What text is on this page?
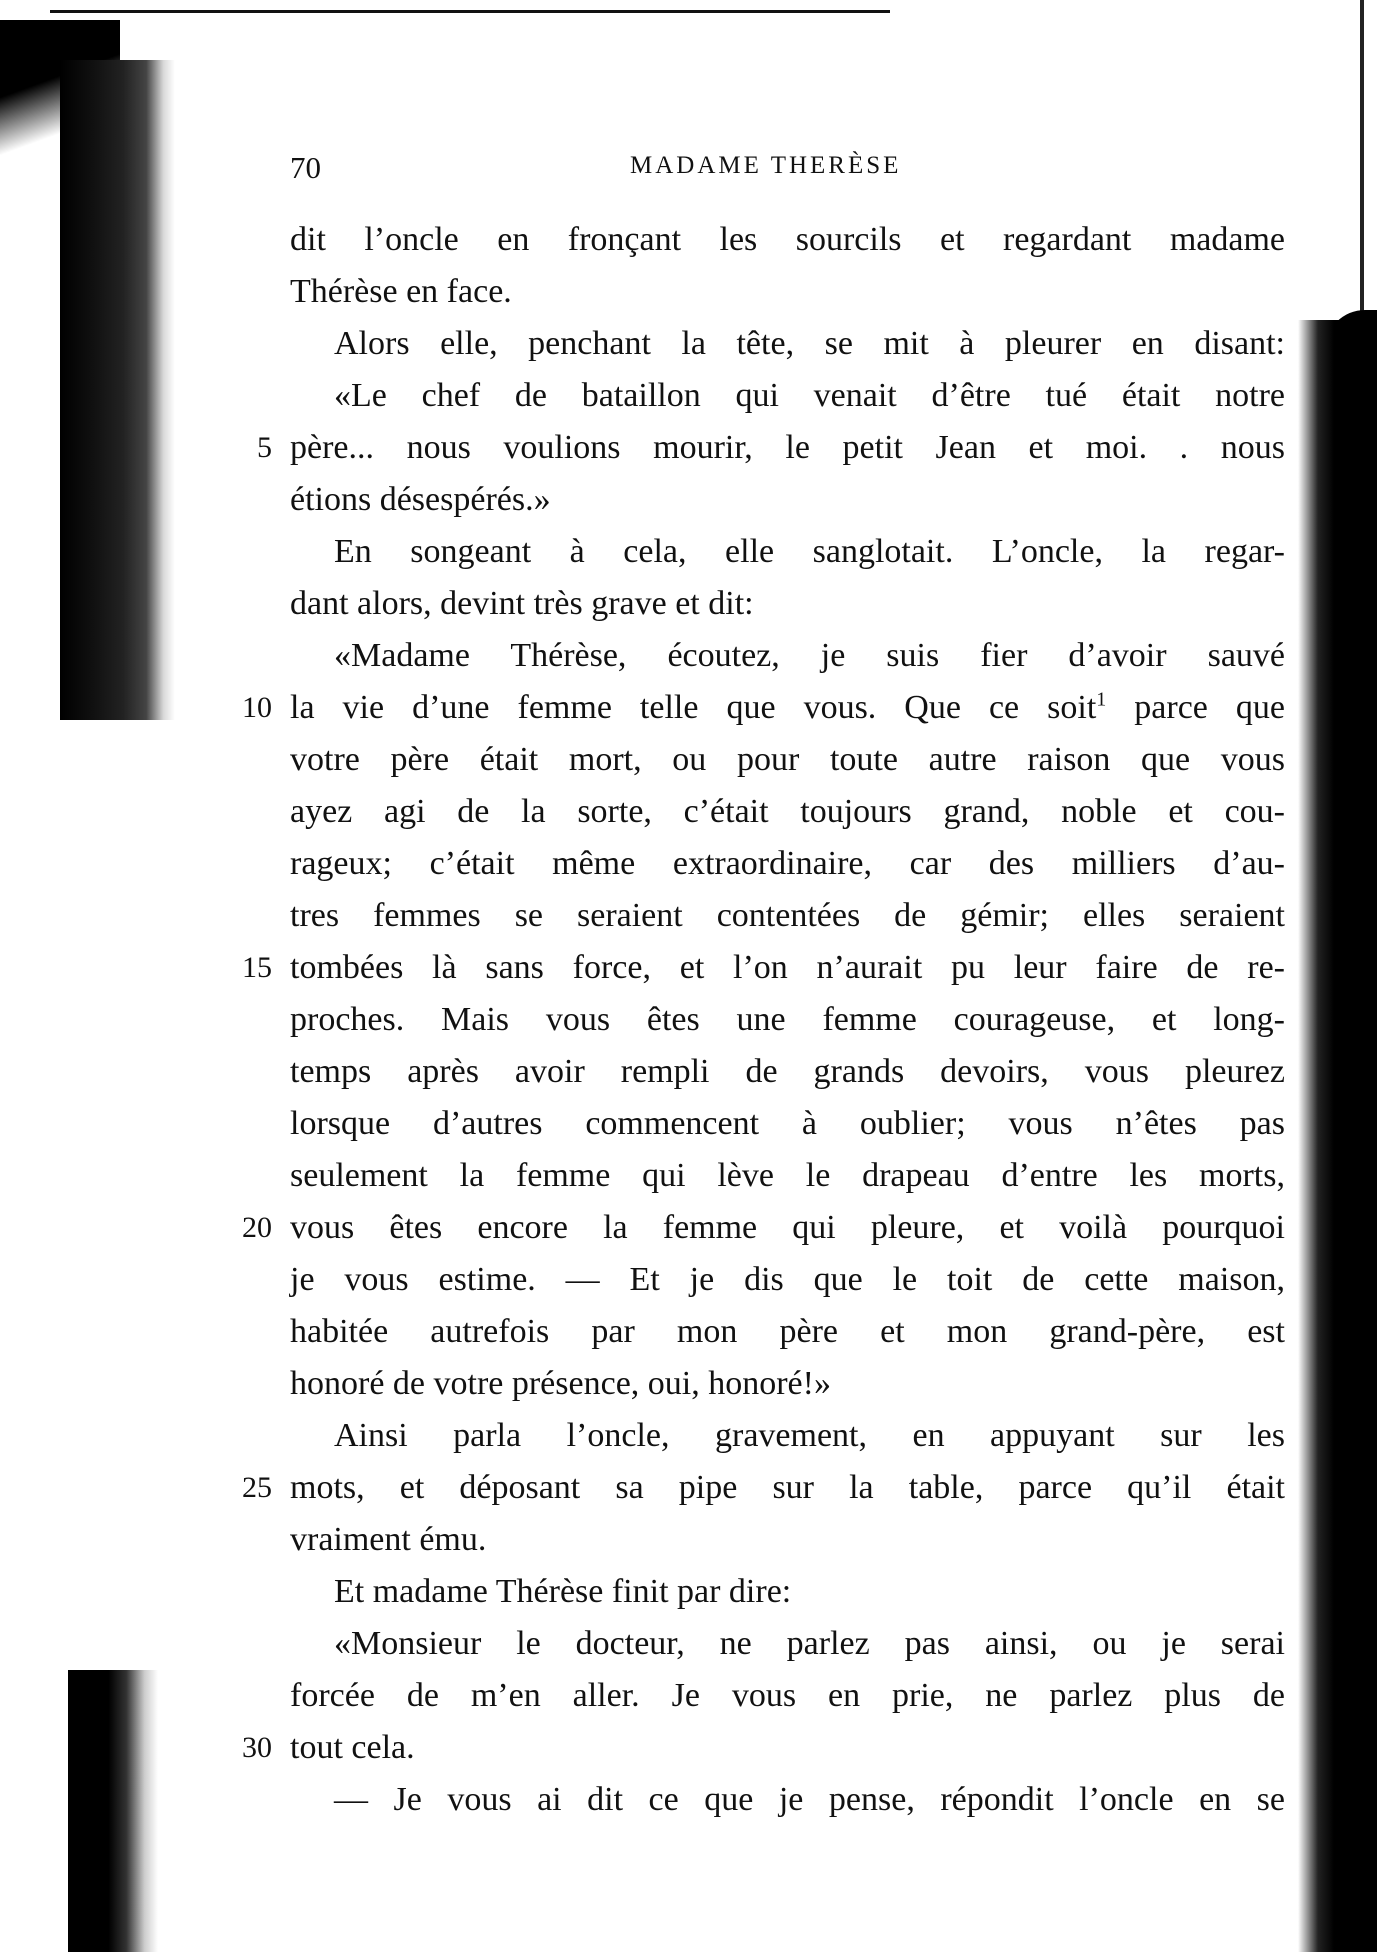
70	MADAME THERÈSE
dit l’oncle en fronçant les sourcils et regardant madame
Thérèse en face.
Alors elle, penchant la tête, se mit à pleurer en disant:
«Le chef de bataillon qui venait d’être tué était notre
5 père... nous voulions mourir, le petit Jean et moi. . nous
étions désespérés.»
En songeant à cela, elle sanglotait. L’oncle, la regar-
dant alors, devint très grave et dit:
«Madame Thérèse, écoutez, je suis fier d’avoir sauvé
10 la vie d’une femme telle que vous. Que ce soit$^1$ parce que
votre père était mort, ou pour toute autre raison que vous
ayez agi de la sorte, c’était toujours grand, noble et cou-
rageux; c’était même extraordinaire, car des milliers d’au-
tres femmes se seraient contentées de gémir; elles seraient
15 tombées là sans force, et l’on n’aurait pu leur faire de re-
proches. Mais vous êtes une femme courageuse, et long-
temps après avoir rempli de grands devoirs, vous pleurez
lorsque d’autres commencent à oublier; vous n’êtes pas
seulement la femme qui lève le drapeau d’entre les morts,
20 vous êtes encore la femme qui pleure, et voilà pourquoi
je vous estime. — Et je dis que le toit de cette maison,
habitée autrefois par mon père et mon grand-père, est
honoré de votre présence, oui, honoré!»
Ainsi parla l’oncle, gravement, en appuyant sur les
25 mots, et déposant sa pipe sur la table, parce qu’il était
vraiment ému.
Et madame Thérèse finit par dire:
«Monsieur le docteur, ne parlez pas ainsi, ou je serai
forcée de m’en aller. Je vous en prie, ne parlez plus de
30 tout cela.
— Je vous ai dit ce que je pense, répondit l’oncle en se
